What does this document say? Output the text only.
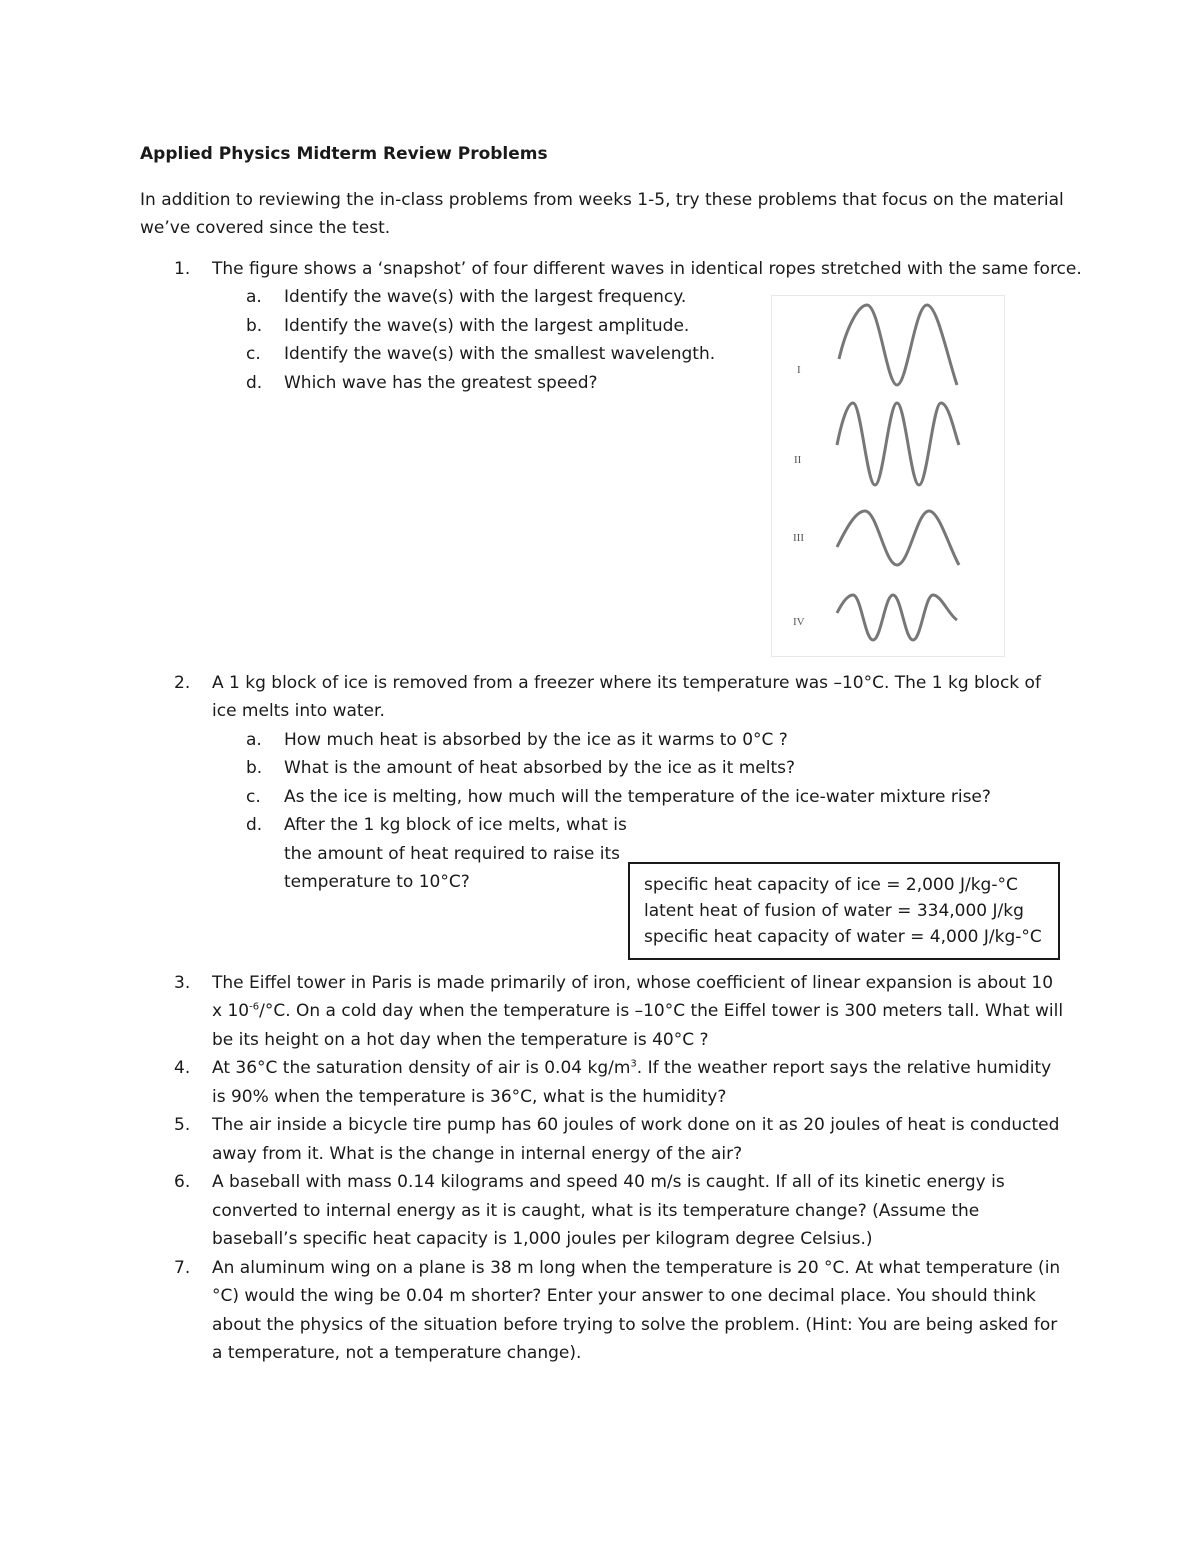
Applied Physics Midterm Review Problems
In addition to reviewing the in-class problems from weeks 1-5, try these problems that focus on the material we’ve covered since the test.
1. The figure shows a ‘snapshot’ of four different waves in identical ropes stretched with the same force.
a. Identify the wave(s) with the largest frequency.
b. Identify the wave(s) with the largest amplitude.
c. Identify the wave(s) with the smallest wavelength.
d. Which wave has the greatest speed?
2. A 1 kg block of ice is removed from a freezer where its temperature was –10°C. The 1 kg block of ice melts into water.
a. How much heat is absorbed by the ice as it warms to 0°C ?
b. What is the amount of heat absorbed by the ice as it melts?
c. As the ice is melting, how much will the temperature of the ice-water mixture rise?
d. After the 1 kg block of ice melts, what is the amount of heat required to raise its temperature to 10°C?
3. The Eiffel tower in Paris is made primarily of iron, whose coefficient of linear expansion is about 10 x $10^{-6}/^\circ C$. On a cold day when the temperature is –10°C the Eiffel tower is 300 meters tall. What will be its height on a hot day when the temperature is 40°C ?
4. At 36°C the saturation density of air is 0.04 $kg/m^3$. If the weather report says the relative humidity is 90% when the temperature is 36°C, what is the humidity?
5. The air inside a bicycle tire pump has 60 joules of work done on it as 20 joules of heat is conducted away from it. What is the change in internal energy of the air?
6. A baseball with mass 0.14 kilograms and speed 40 m/s is caught. If all of its kinetic energy is converted to internal energy as it is caught, what is its temperature change? (Assume the baseball’s specific heat capacity is 1,000 joules per kilogram degree Celsius.)
7. An aluminum wing on a plane is 38 m long when the temperature is 20 °C. At what temperature (in °C) would the wing be 0.04 m shorter? Enter your answer to one decimal place. You should think about the physics of the situation before trying to solve the problem. (Hint: You are being asked for a temperature, not a temperature change).
I
II
III
IV
specific heat capacity of ice = 2,000 J/kg-°C
latent heat of fusion of water = 334,000 J/kg
specific heat capacity of water = 4,000 J/kg-°C
